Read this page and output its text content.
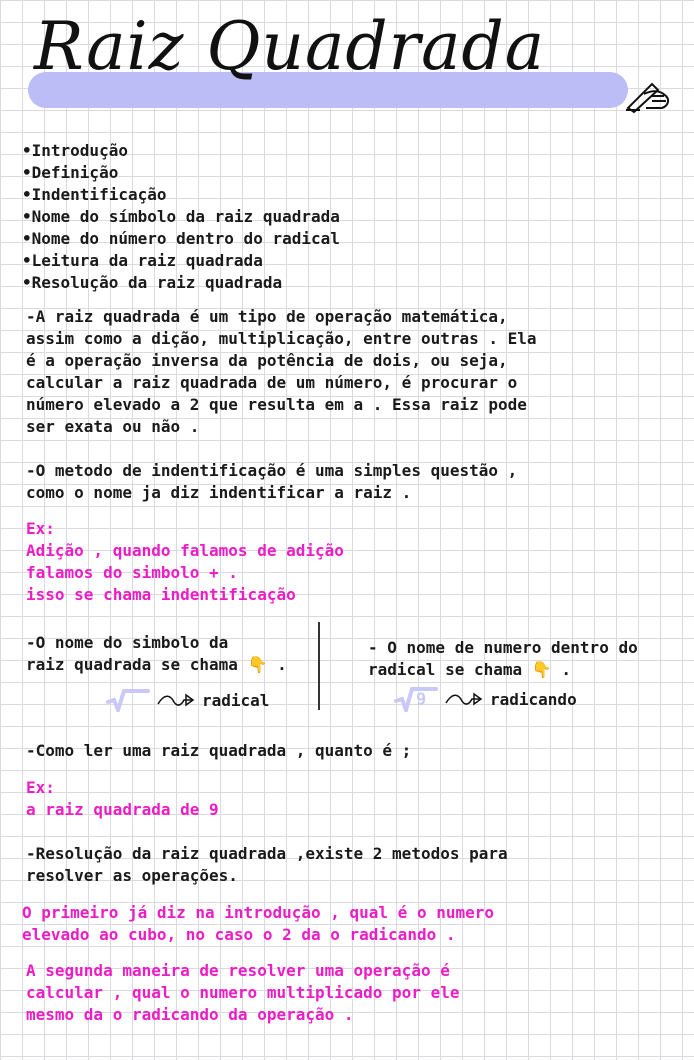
Raiz Quadrada
•Introdução
•Definição
•Indentificação
•Nome do símbolo da raiz quadrada
•Nome do número dentro do radical
•Leitura da raiz quadrada
•Resolução da raiz quadrada

-A raiz quadrada é um tipo de operação matemática,
assim como a dição, multiplicação, entre outras . Ela
é a operação inversa da potência de dois, ou seja,
calcular a raiz quadrada de um número, é procurar o
número elevado a 2 que resulta em a . Essa raiz pode
ser exata ou não .

-O metodo de indentificação é uma simples questão ,
como o nome ja diz indentificar a raiz .

Ex:

Adição , quando falamos de adição
falamos do simbolo + .
isso se chama indentificação

-O nome do simbolo da
raiz quadrada se chama 👇 .

- O nome de numero dentro do
radical se chama 👇 .

radical	9	radicando

-Como ler uma raiz quadrada , quanto é ;

Ex:

a raiz quadrada de 9

-Resolução da raiz quadrada ,existe 2 metodos para
resolver as operações.

O primeiro já diz na introdução , qual é o numero
elevado ao cubo, no caso o 2 da o radicando .

A segunda maneira de resolver uma operação é
calcular , qual o numero multiplicado por ele
mesmo da o radicando da operação .
